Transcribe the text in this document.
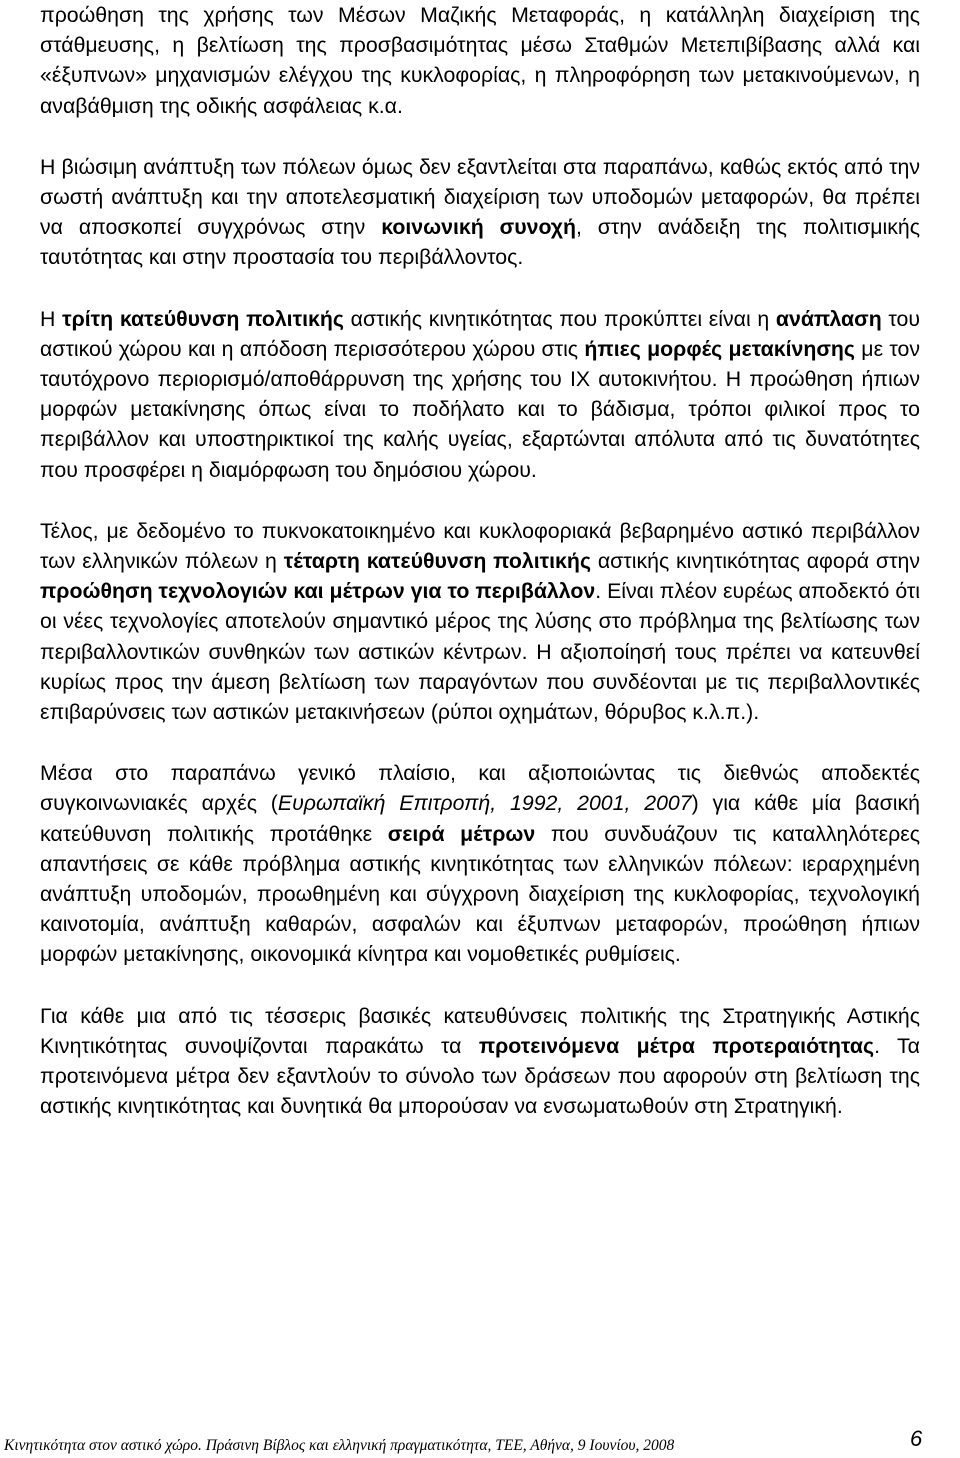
προώθηση της χρήσης των Μέσων Μαζικής Μεταφοράς, η κατάλληλη διαχείριση της στάθμευσης, η βελτίωση της προσβασιμότητας μέσω Σταθμών Μετεπιβίβασης αλλά και «έξυπνων» μηχανισμών ελέγχου της κυκλοφορίας, η πληροφόρηση των μετακινούμενων, η αναβάθμιση της οδικής ασφάλειας κ.α.

Η βιώσιμη ανάπτυξη των πόλεων όμως δεν εξαντλείται στα παραπάνω, καθώς εκτός από την σωστή ανάπτυξη και την αποτελεσματική διαχείριση των υποδομών μεταφορών, θα πρέπει να αποσκοπεί συγχρόνως στην κοινωνική συνοχή, στην ανάδειξη της πολιτισμικής ταυτότητας και στην προστασία του περιβάλλοντος.

Η τρίτη κατεύθυνση πολιτικής αστικής κινητικότητας που προκύπτει είναι η ανάπλαση του αστικού χώρου και η απόδοση περισσότερου χώρου στις ήπιες μορφές μετακίνησης με τον ταυτόχρονο περιορισμό/αποθάρρυνση της χρήσης του ΙΧ αυτοκινήτου. Η προώθηση ήπιων μορφών μετακίνησης όπως είναι το ποδήλατο και το βάδισμα, τρόποι φιλικοί προς το περιβάλλον και υποστηρικτικοί της καλής υγείας, εξαρτώνται απόλυτα από τις δυνατότητες που προσφέρει η διαμόρφωση του δημόσιου χώρου.

Τέλος, με δεδομένο το πυκνοκατοικημένο και κυκλοφοριακά βεβαρημένο αστικό περιβάλλον των ελληνικών πόλεων η τέταρτη κατεύθυνση πολιτικής αστικής κινητικότητας αφορά στην προώθηση τεχνολογιών και μέτρων για το περιβάλλον. Είναι πλέον ευρέως αποδεκτό ότι οι νέες τεχνολογίες αποτελούν σημαντικό μέρος της λύσης στο πρόβλημα της βελτίωσης των περιβαλλοντικών συνθηκών των αστικών κέντρων. Η αξιοποίησή τους πρέπει να κατευνθεί κυρίως προς την άμεση βελτίωση των παραγόντων που συνδέονται με τις περιβαλλοντικές επιβαρύνσεις των αστικών μετακινήσεων (ρύποι οχημάτων, θόρυβος κ.λ.π.).

Μέσα στο παραπάνω γενικό πλαίσιο, και αξιοποιώντας τις διεθνώς αποδεκτές συγκοινωνιακές αρχές (Ευρωπαϊκή Επιτροπή, 1992, 2001, 2007) για κάθε μία βασική κατεύθυνση πολιτικής προτάθηκε σειρά μέτρων που συνδυάζουν τις καταλληλότερες απαντήσεις σε κάθε πρόβλημα αστικής κινητικότητας των ελληνικών πόλεων: ιεραρχημένη ανάπτυξη υποδομών, προωθημένη και σύγχρονη διαχείριση της κυκλοφορίας, τεχνολογική καινοτομία, ανάπτυξη καθαρών, ασφαλών και έξυπνων μεταφορών, προώθηση ήπιων μορφών μετακίνησης, οικονομικά κίνητρα και νομοθετικές ρυθμίσεις.

Για κάθε μια από τις τέσσερις βασικές κατευθύνσεις πολιτικής της Στρατηγικής Αστικής Κινητικότητας συνοψίζονται παρακάτω τα προτεινόμενα μέτρα προτεραιότητας. Τα προτεινόμενα μέτρα δεν εξαντλούν το σύνολο των δράσεων που αφορούν στη βελτίωση της αστικής κινητικότητας και δυνητικά θα μπορούσαν να ενσωματωθούν στη Στρατηγική.

Κινητικότητα στον αστικό χώρο. Πράσινη Βίβλος και ελληνική πραγματικότητα, ΤΕΕ, Αθήνα, 9 Ιουνίου, 2008	6
